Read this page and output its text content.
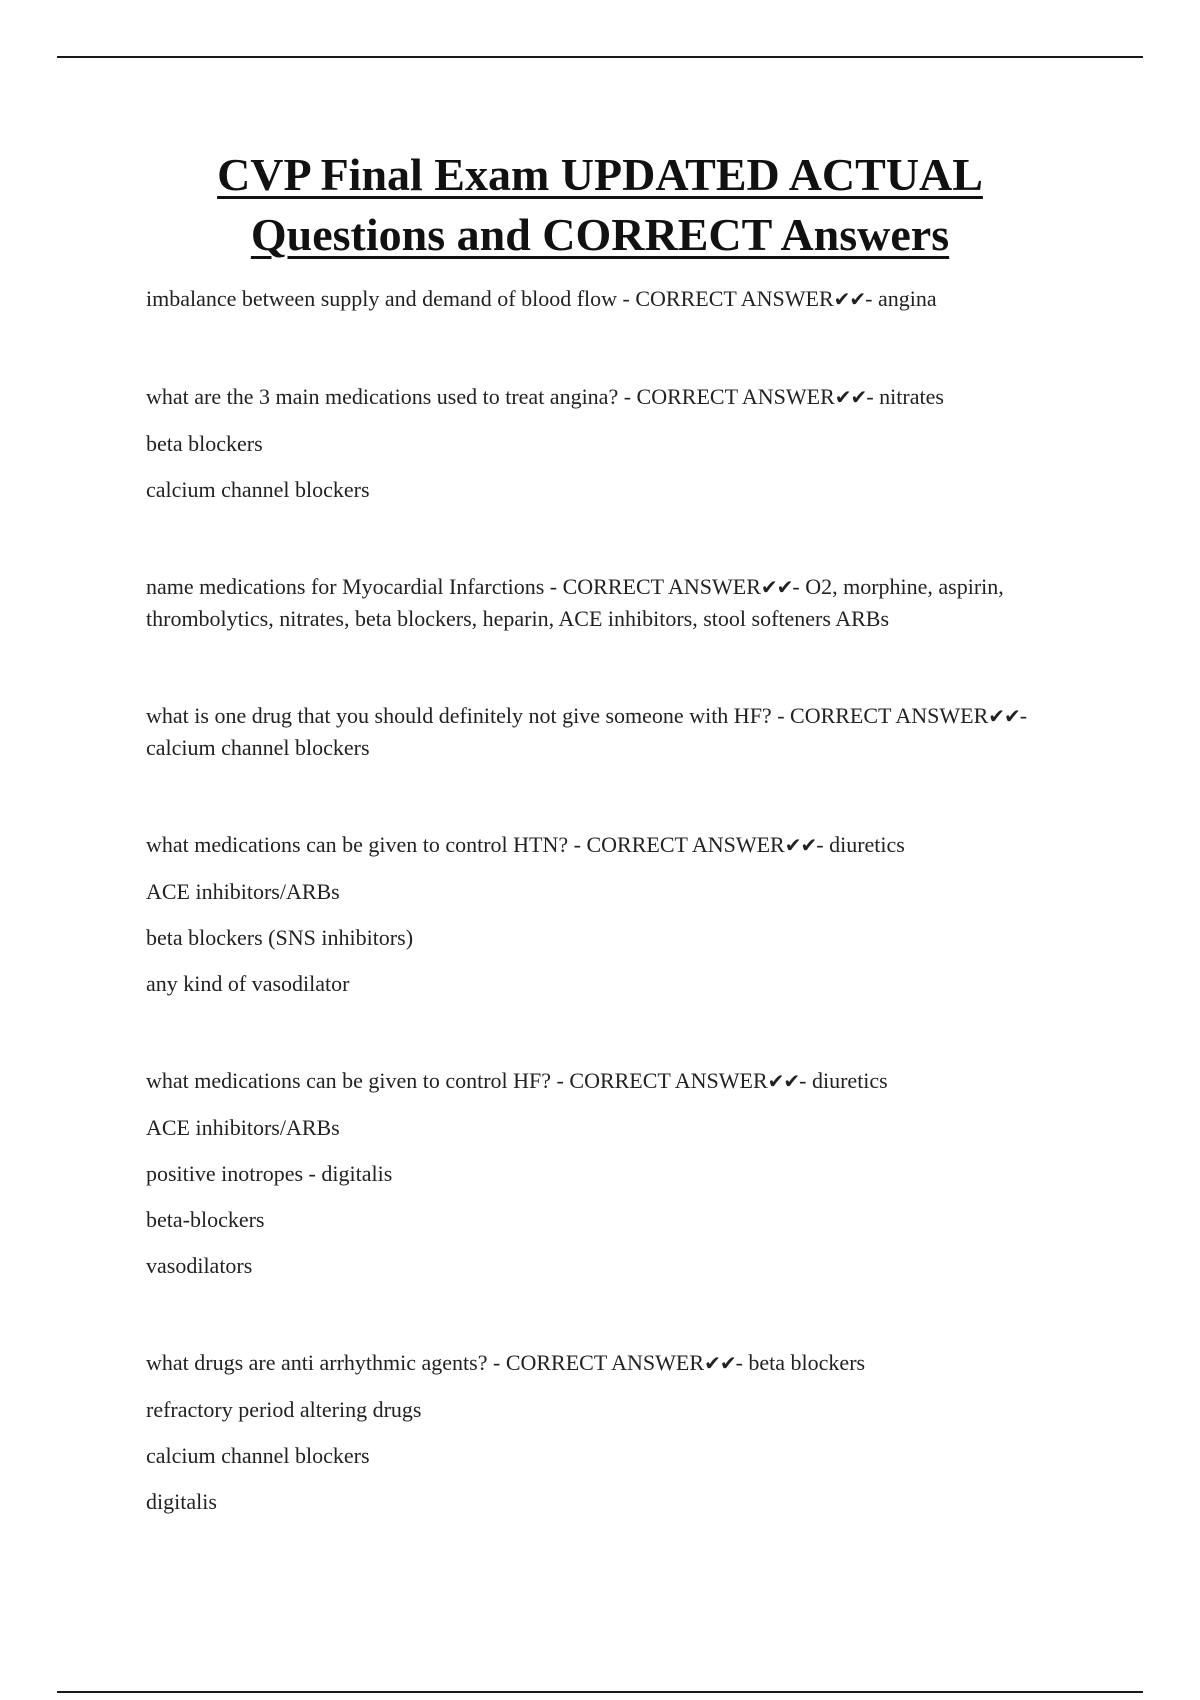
CVP Final Exam UPDATED ACTUAL
Questions and CORRECT Answers

imbalance between supply and demand of blood flow - CORRECT ANSWER✔✔- angina

what are the 3 main medications used to treat angina? - CORRECT ANSWER✔✔- nitrates

beta blockers

calcium channel blockers

name medications for Myocardial Infarctions - CORRECT ANSWER✔✔- O2, morphine, aspirin, thrombolytics, nitrates, beta blockers, heparin, ACE inhibitors, stool softeners ARBs

what is one drug that you should definitely not give someone with HF? - CORRECT ANSWER✔✔- calcium channel blockers

what medications can be given to control HTN? - CORRECT ANSWER✔✔- diuretics

ACE inhibitors/ARBs

beta blockers (SNS inhibitors)

any kind of vasodilator

what medications can be given to control HF? - CORRECT ANSWER✔✔- diuretics

ACE inhibitors/ARBs

positive inotropes - digitalis

beta-blockers

vasodilators

what drugs are anti arrhythmic agents? - CORRECT ANSWER✔✔- beta blockers

refractory period altering drugs

calcium channel blockers

digitalis
